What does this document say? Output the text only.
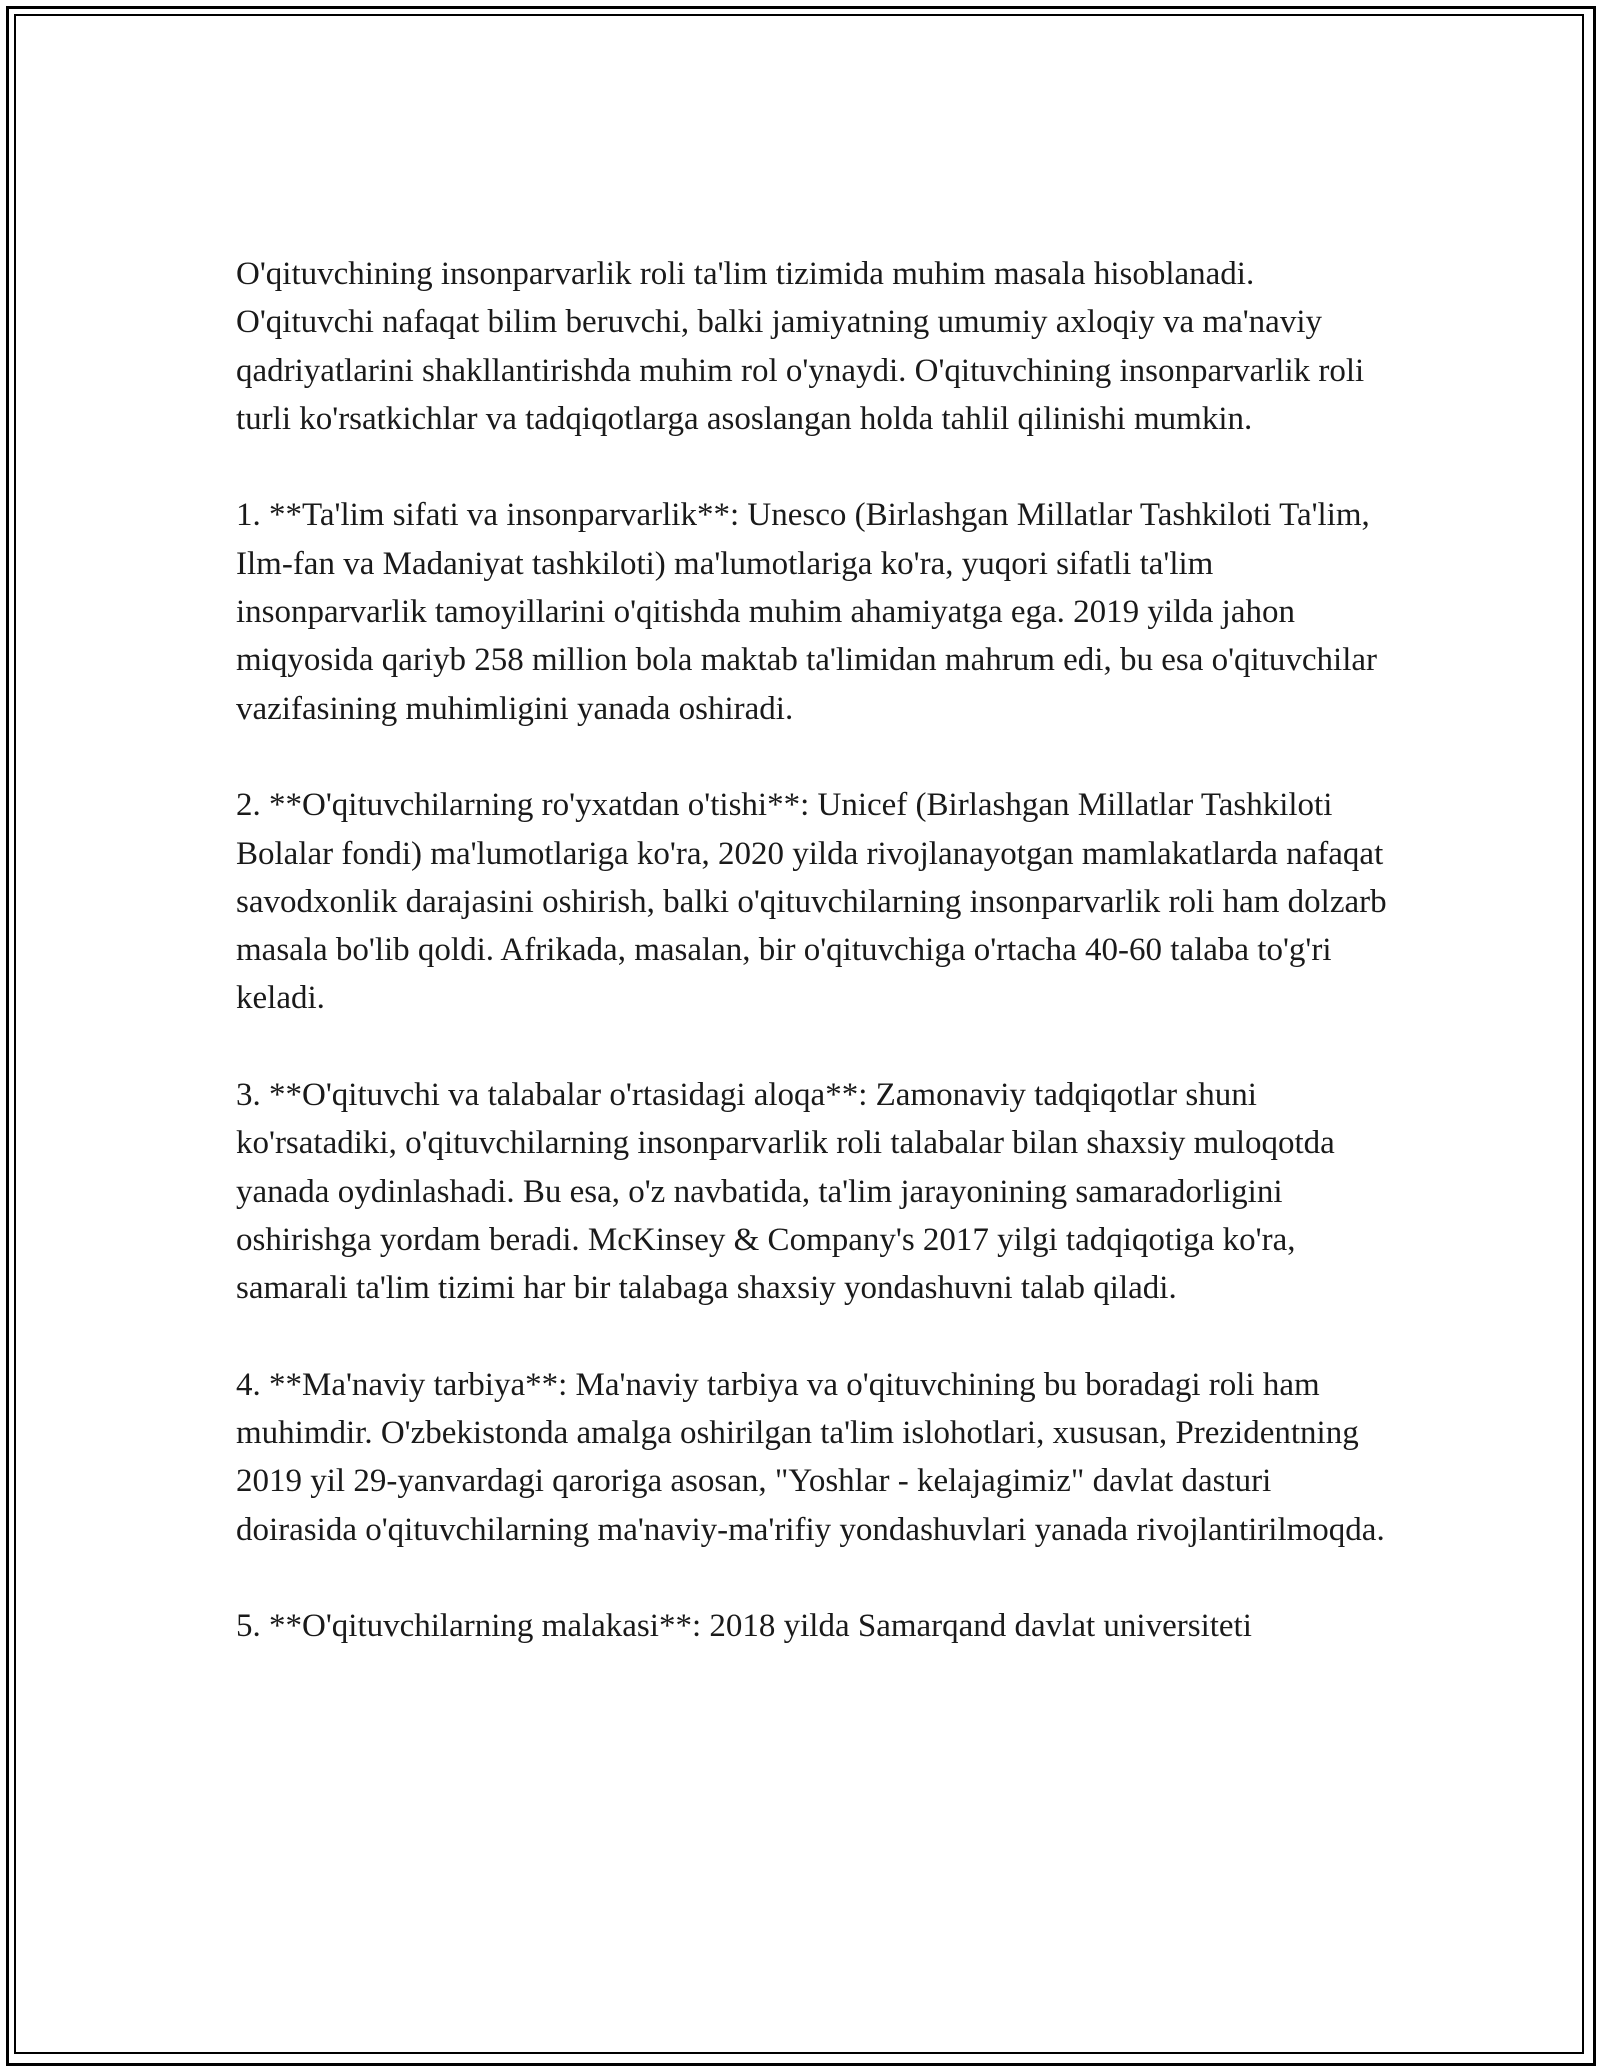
O'qituvchining insonparvarlik roli ta'lim tizimida muhim masala hisoblanadi. O'qituvchi nafaqat bilim beruvchi, balki jamiyatning umumiy axloqiy va ma'naviy qadriyatlarini shakllantirishda muhim rol o'ynaydi. O'qituvchining insonparvarlik roli turli ko'rsatkichlar va tadqiqotlarga asoslangan holda tahlil qilinishi mumkin.

1. **Ta'lim sifati va insonparvarlik**: Unesco (Birlashgan Millatlar Tashkiloti Ta'lim, Ilm-fan va Madaniyat tashkiloti) ma'lumotlariga ko'ra, yuqori sifatli ta'lim insonparvarlik tamoyillarini o'qitishda muhim ahamiyatga ega. 2019 yilda jahon miqyosida qariyb 258 million bola maktab ta'limidan mahrum edi, bu esa o'qituvchilar vazifasining muhimligini yanada oshiradi.

2. **O'qituvchilarning ro'yxatdan o'tishi**: Unicef (Birlashgan Millatlar Tashkiloti Bolalar fondi) ma'lumotlariga ko'ra, 2020 yilda rivojlanayotgan mamlakatlarda nafaqat savodxonlik darajasini oshirish, balki o'qituvchilarning insonparvarlik roli ham dolzarb masala bo'lib qoldi. Afrikada, masalan, bir o'qituvchiga o'rtacha 40-60 talaba to'g'ri keladi.

3. **O'qituvchi va talabalar o'rtasidagi aloqa**: Zamonaviy tadqiqotlar shuni ko'rsatadiki, o'qituvchilarning insonparvarlik roli talabalar bilan shaxsiy muloqotda yanada oydinlashadi. Bu esa, o'z navbatida, ta'lim jarayonining samaradorligini oshirishga yordam beradi. McKinsey & Company's 2017 yilgi tadqiqotiga ko'ra, samarali ta'lim tizimi har bir talabaga shaxsiy yondashuvni talab qiladi.

4. **Ma'naviy tarbiya**: Ma'naviy tarbiya va o'qituvchining bu boradagi roli ham muhimdir. O'zbekistonda amalga oshirilgan ta'lim islohotlari, xususan, Prezidentning 2019 yil 29-yanvardagi qaroriga asosan, "Yoshlar - kelajagimiz" davlat dasturi doirasida o'qituvchilarning ma'naviy-ma'rifiy yondashuvlari yanada rivojlantirilmoqda.

5. **O'qituvchilarning malakasi**: 2018 yilda Samarqand davlat universiteti
